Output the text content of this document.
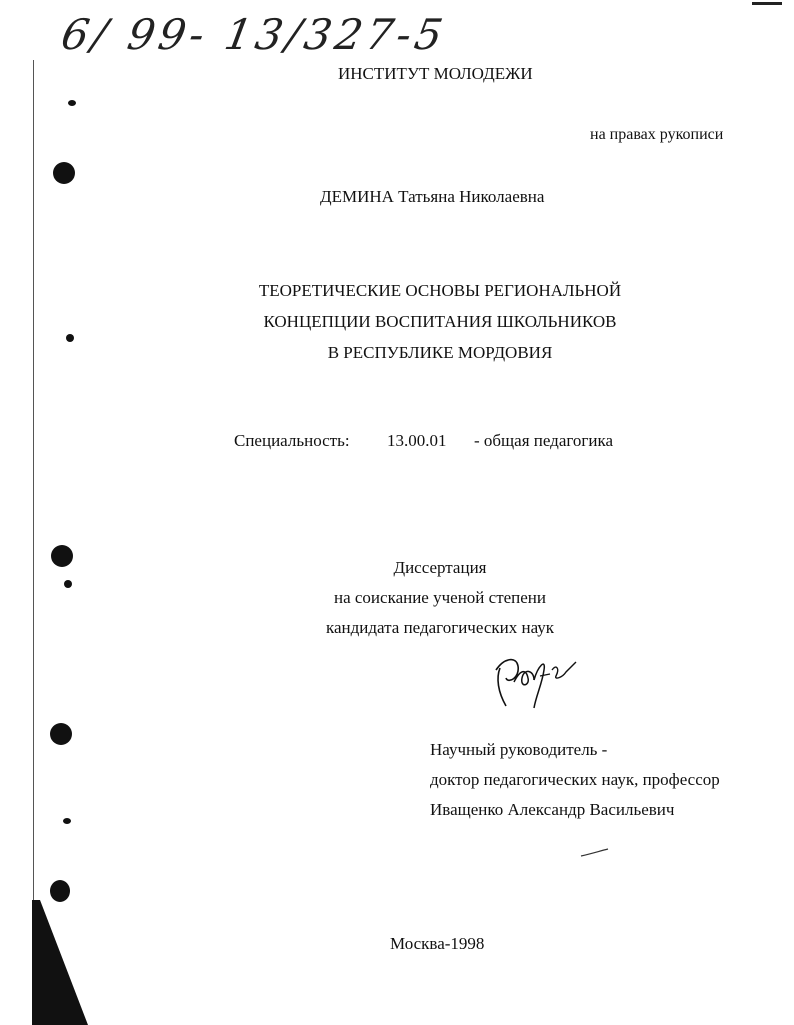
6/ 99- 13/327-5
ИНСТИТУТ МОЛОДЕЖИ
на правах рукописи
ДЕМИНА Татьяна Николаевна
ТЕОРЕТИЧЕСКИЕ ОСНОВЫ РЕГИОНАЛЬНОЙ
КОНЦЕПЦИИ ВОСПИТАНИЯ ШКОЛЬНИКОВ
В РЕСПУБЛИКЕ МОРДОВИЯ
Специальность: 13.00.01 - общая педагогика
Диссертация
на соискание ученой степени
кандидата педагогических наук
Научный руководитель -
доктор педагогических наук, профессор
Иващенко Александр Васильевич
Москва-1998
